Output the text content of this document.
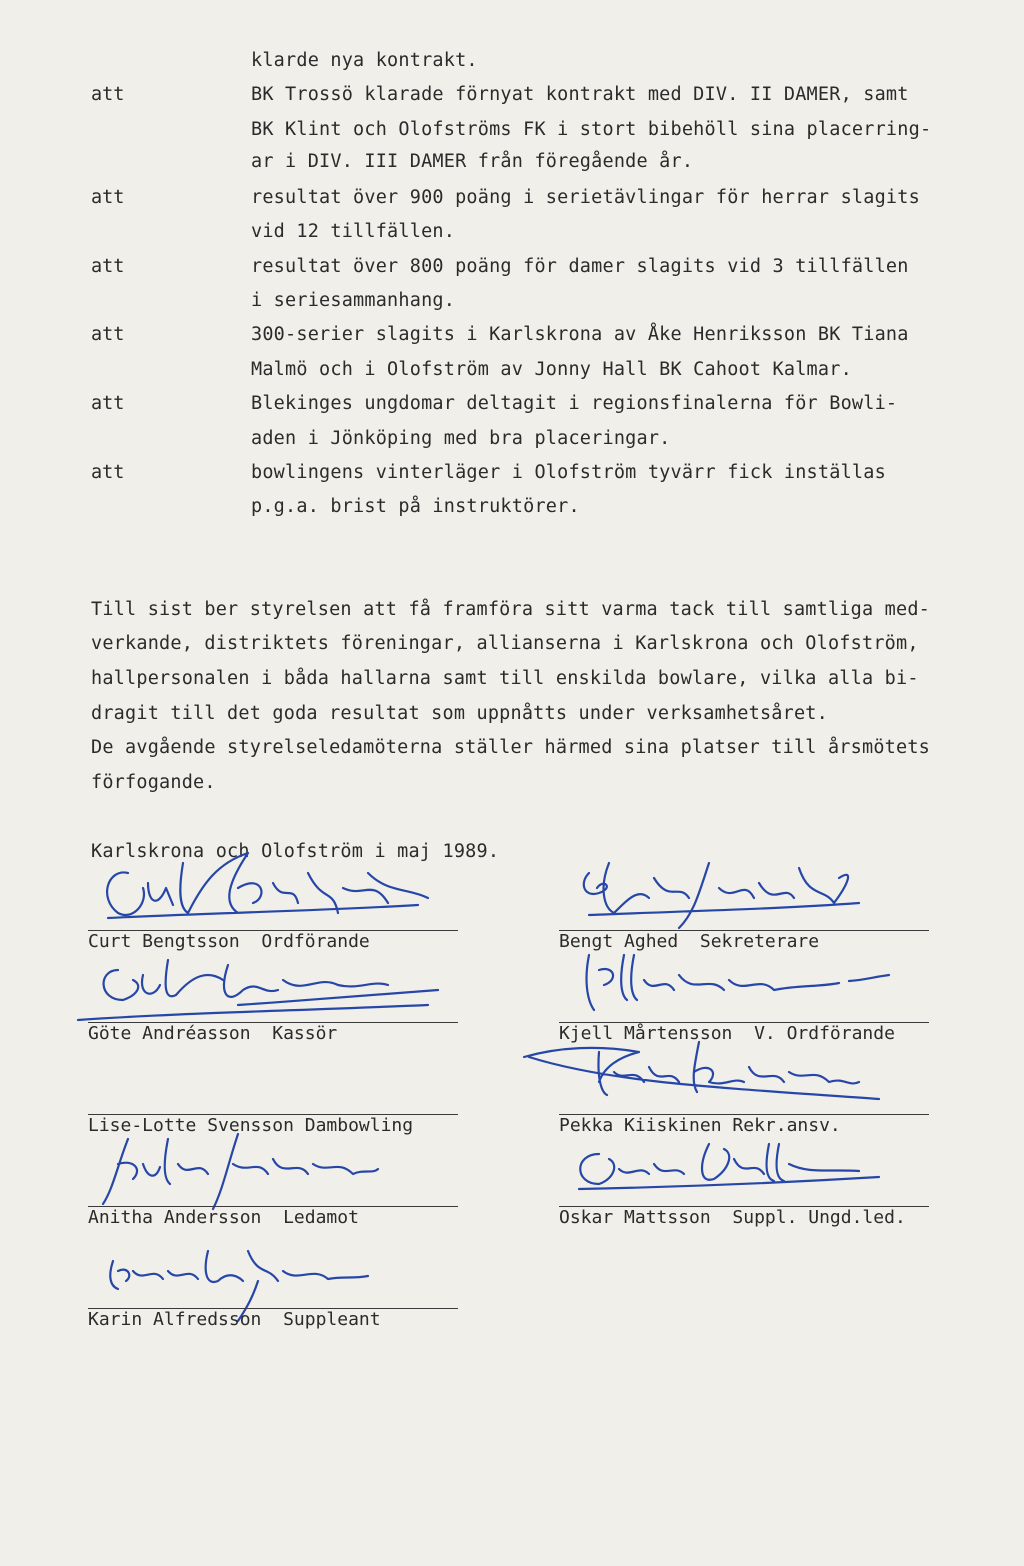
klarde nya kontrakt.
att	BK Trossö klarade förnyat kontrakt med DIV. II DAMER, samt
BK Klint och Olofströms FK i stort bibehöll sina placerring-
ar i DIV. III DAMER från föregående år.
att	resultat över 900 poäng i serietävlingar för herrar slagits
vid 12 tillfällen.
att	resultat över 800 poäng för damer slagits vid 3 tillfällen
i seriesammanhang.
att	300-serier slagits i Karlskrona av Åke Henriksson BK Tiana
Malmö och i Olofström av Jonny Hall BK Cahoot Kalmar.
att	Blekinges ungdomar deltagit i regionsfinalerna för Bowli-
aden i Jönköping med bra placeringar.
att	bowlingens vinterläger i Olofström tyvärr fick inställas
p.g.a. brist på instruktörer.
Till sist ber styrelsen att få framföra sitt varma tack till samtliga med-
verkande, distriktets föreningar, allianserna i Karlskrona och Olofström,
hallpersonalen i båda hallarna samt till enskilda bowlare, vilka alla bi-
dragit till det goda resultat som uppnåtts under verksamhetsåret.
De avgående styrelseledamöterna ställer härmed sina platser till årsmötets
förfogande.
Karlskrona och Olofström i maj 1989.
Curt Bengtsson  Ordförande	Bengt Aghed  Sekreterare
Göte Andréasson  Kassör	Kjell Mårtensson  V. Ordförande
Lise-Lotte Svensson Dambowling	Pekka Kiiskinen Rekr.ansv.
Anitha Andersson  Ledamot	Oskar Mattsson  Suppl. Ungd.led.
Karin Alfredsson  Suppleant
